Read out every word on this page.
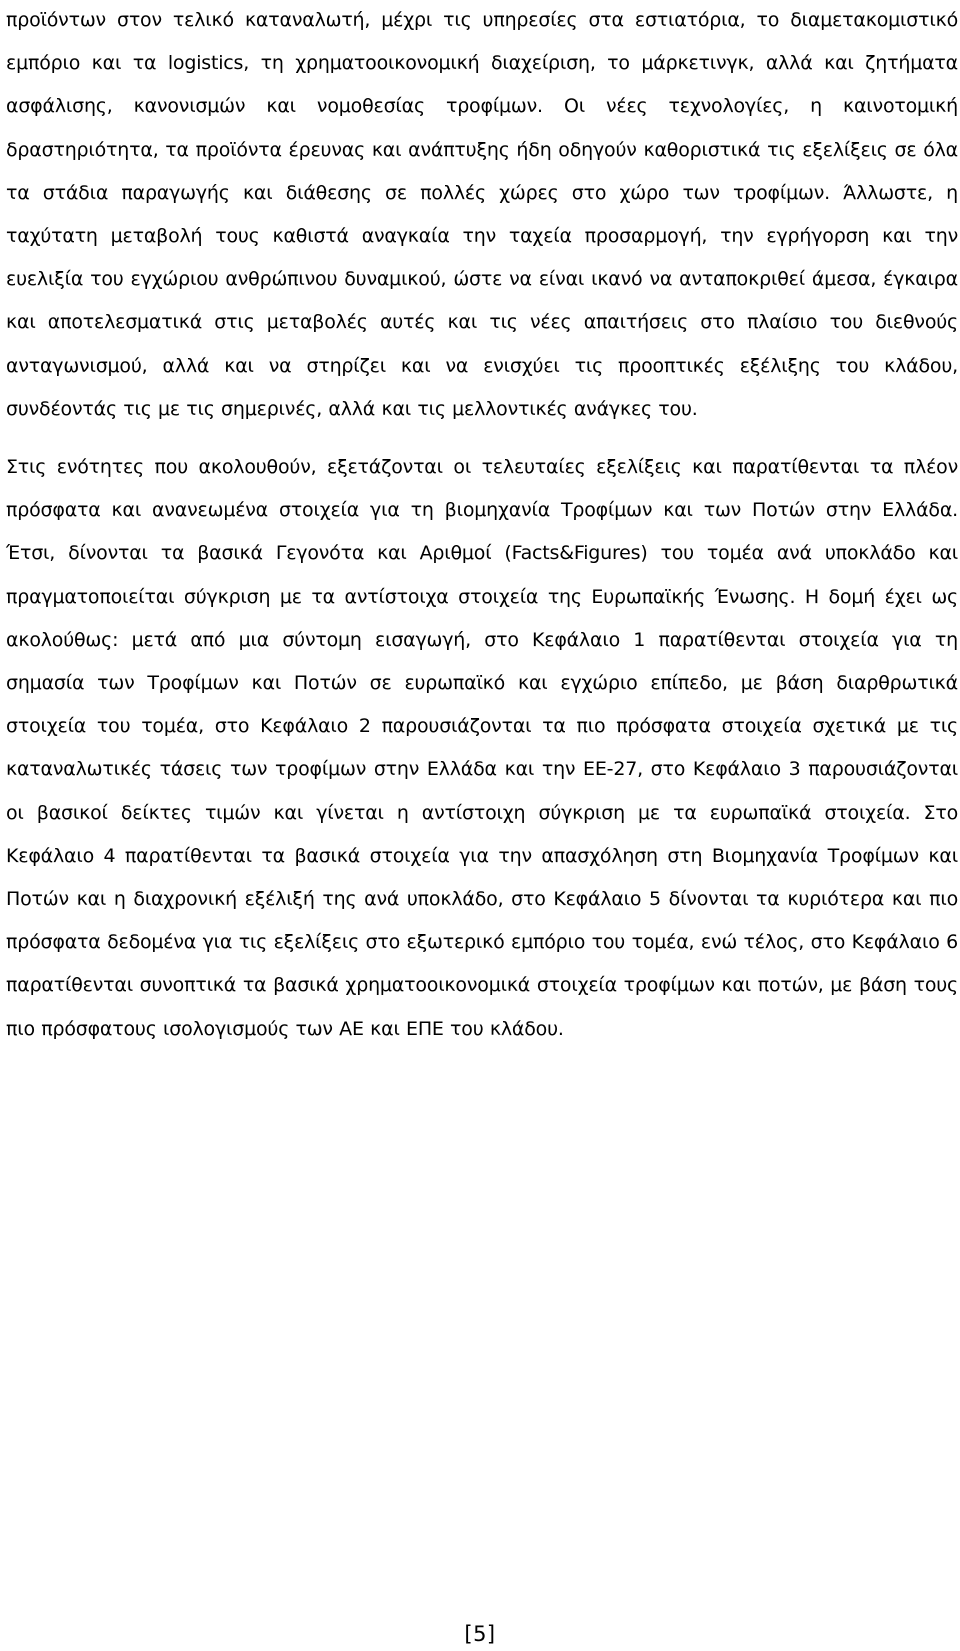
προϊόντων στον τελικό καταναλωτή, μέχρι τις υπηρεσίες στα εστιατόρια, το διαμετακομιστικό εμπόριο και τα logistics, τη χρηματοοικονομική διαχείριση, το μάρκετινγκ, αλλά και ζητήματα ασφάλισης, κανονισμών και νομοθεσίας τροφίμων. Οι νέες τεχνολογίες, η καινοτομική δραστηριότητα, τα προϊόντα έρευνας και ανάπτυξης ήδη οδηγούν καθοριστικά τις εξελίξεις σε όλα τα στάδια παραγωγής και διάθεσης σε πολλές χώρες στο χώρο των τροφίμων. Άλλωστε, η ταχύτατη μεταβολή τους καθιστά αναγκαία την ταχεία προσαρμογή, την εγρήγορση και την ευελιξία του εγχώριου ανθρώπινου δυναμικού, ώστε να είναι ικανό να ανταποκριθεί άμεσα, έγκαιρα και αποτελεσματικά στις μεταβολές αυτές και τις νέες απαιτήσεις στο πλαίσιο του διεθνούς ανταγωνισμού, αλλά και να στηρίζει και να ενισχύει τις προοπτικές εξέλιξης του κλάδου, συνδέοντάς τις με τις σημερινές, αλλά και τις μελλοντικές ανάγκες του.

Στις ενότητες που ακολουθούν, εξετάζονται οι τελευταίες εξελίξεις και παρατίθενται τα πλέον πρόσφατα και ανανεωμένα στοιχεία για τη βιομηχανία Τροφίμων και των Ποτών στην Ελλάδα. Έτσι, δίνονται τα βασικά Γεγονότα και Αριθμοί (Facts&Figures) του τομέα ανά υποκλάδο και πραγματοποιείται σύγκριση με τα αντίστοιχα στοιχεία της Ευρωπαϊκής Ένωσης. Η δομή έχει ως ακολούθως: μετά από μια σύντομη εισαγωγή, στο Κεφάλαιο 1 παρατίθενται στοιχεία για τη σημασία των Τροφίμων και Ποτών σε ευρωπαϊκό και εγχώριο επίπεδο, με βάση διαρθρωτικά στοιχεία του τομέα, στο Κεφάλαιο 2 παρουσιάζονται τα πιο πρόσφατα στοιχεία σχετικά με τις καταναλωτικές τάσεις των τροφίμων στην Ελλάδα και την ΕΕ-27, στο Κεφάλαιο 3 παρουσιάζονται οι βασικοί δείκτες τιμών και γίνεται η αντίστοιχη σύγκριση με τα ευρωπαϊκά στοιχεία. Στο Κεφάλαιο 4 παρατίθενται τα βασικά στοιχεία για την απασχόληση στη Βιομηχανία Τροφίμων και Ποτών και η διαχρονική εξέλιξή της ανά υποκλάδο, στο Κεφάλαιο 5 δίνονται τα κυριότερα και πιο πρόσφατα δεδομένα για τις εξελίξεις στο εξωτερικό εμπόριο του τομέα, ενώ τέλος, στο Κεφάλαιο 6 παρατίθενται συνοπτικά τα βασικά χρηματοοικονομικά στοιχεία τροφίμων και ποτών, με βάση τους πιο πρόσφατους ισολογισμούς των ΑΕ και ΕΠΕ του κλάδου.

[5]
